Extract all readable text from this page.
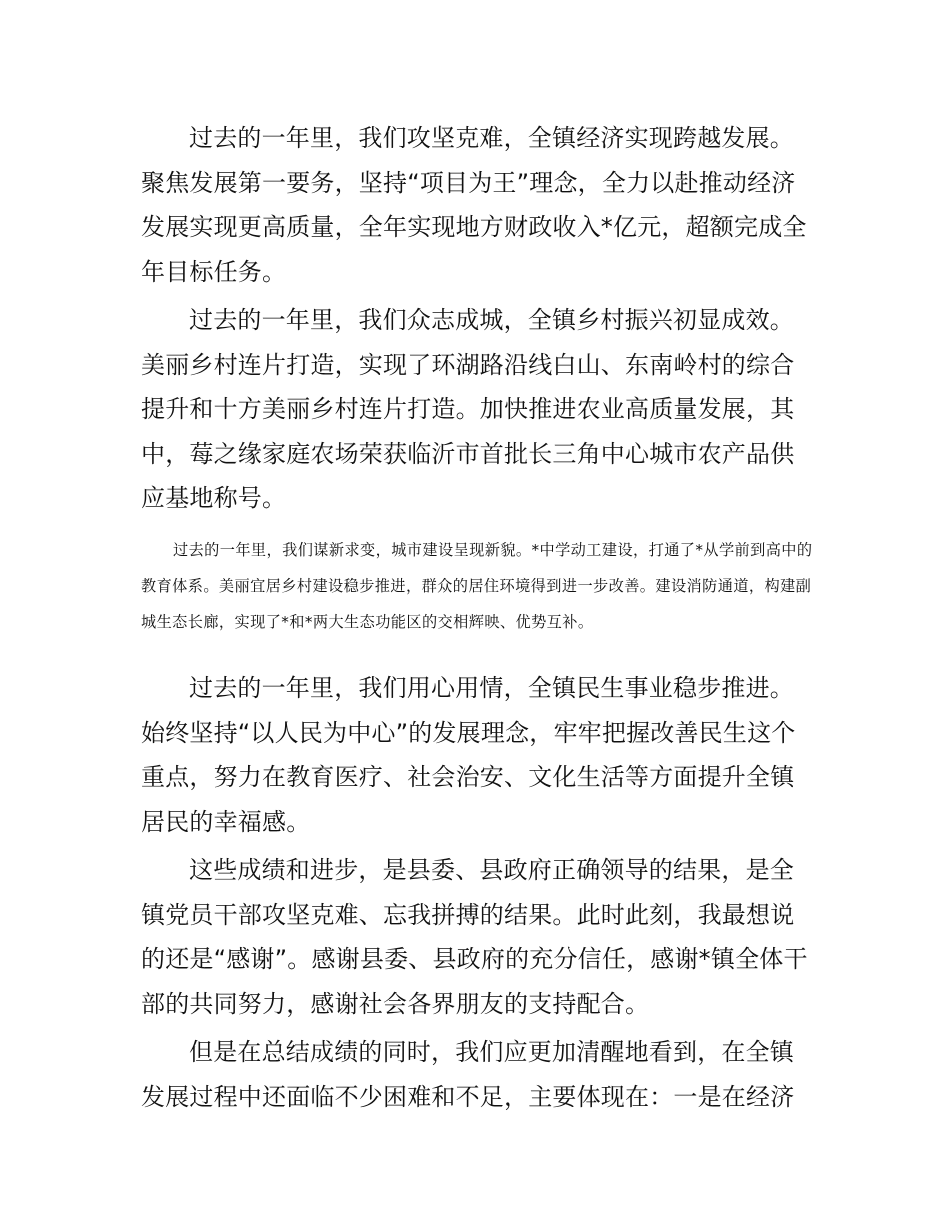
过去的一年里，我们攻坚克难，全镇经济实现跨越发展。聚焦发展第一要务，坚持“项目为王”理念，全力以赴推动经济发展实现更高质量，全年实现地方财政收入*亿元，超额完成全年目标任务。

过去的一年里，我们众志成城，全镇乡村振兴初显成效。美丽乡村连片打造，实现了环湖路沿线白山、东南岭村的综合提升和十方美丽乡村连片打造。加快推进农业高质量发展，其中，莓之缘家庭农场荣获临沂市首批长三角中心城市农产品供应基地称号。

过去的一年里，我们谋新求变，城市建设呈现新貌。*中学动工建设，打通了*从学前到高中的教育体系。美丽宜居乡村建设稳步推进，群众的居住环境得到进一步改善。建设消防通道，构建副城生态长廊，实现了*和*两大生态功能区的交相辉映、优势互补。

过去的一年里，我们用心用情，全镇民生事业稳步推进。始终坚持“以人民为中心”的发展理念，牢牢把握改善民生这个重点，努力在教育医疗、社会治安、文化生活等方面提升全镇居民的幸福感。

这些成绩和进步，是县委、县政府正确领导的结果，是全镇党员干部攻坚克难、忘我拼搏的结果。此时此刻，我最想说的还是“感谢”。感谢县委、县政府的充分信任，感谢*镇全体干部的共同努力，感谢社会各界朋友的支持配合。

但是在总结成绩的同时，我们应更加清醒地看到，在全镇发展过程中还面临不少困难和不足，主要体现在：一是在经济
